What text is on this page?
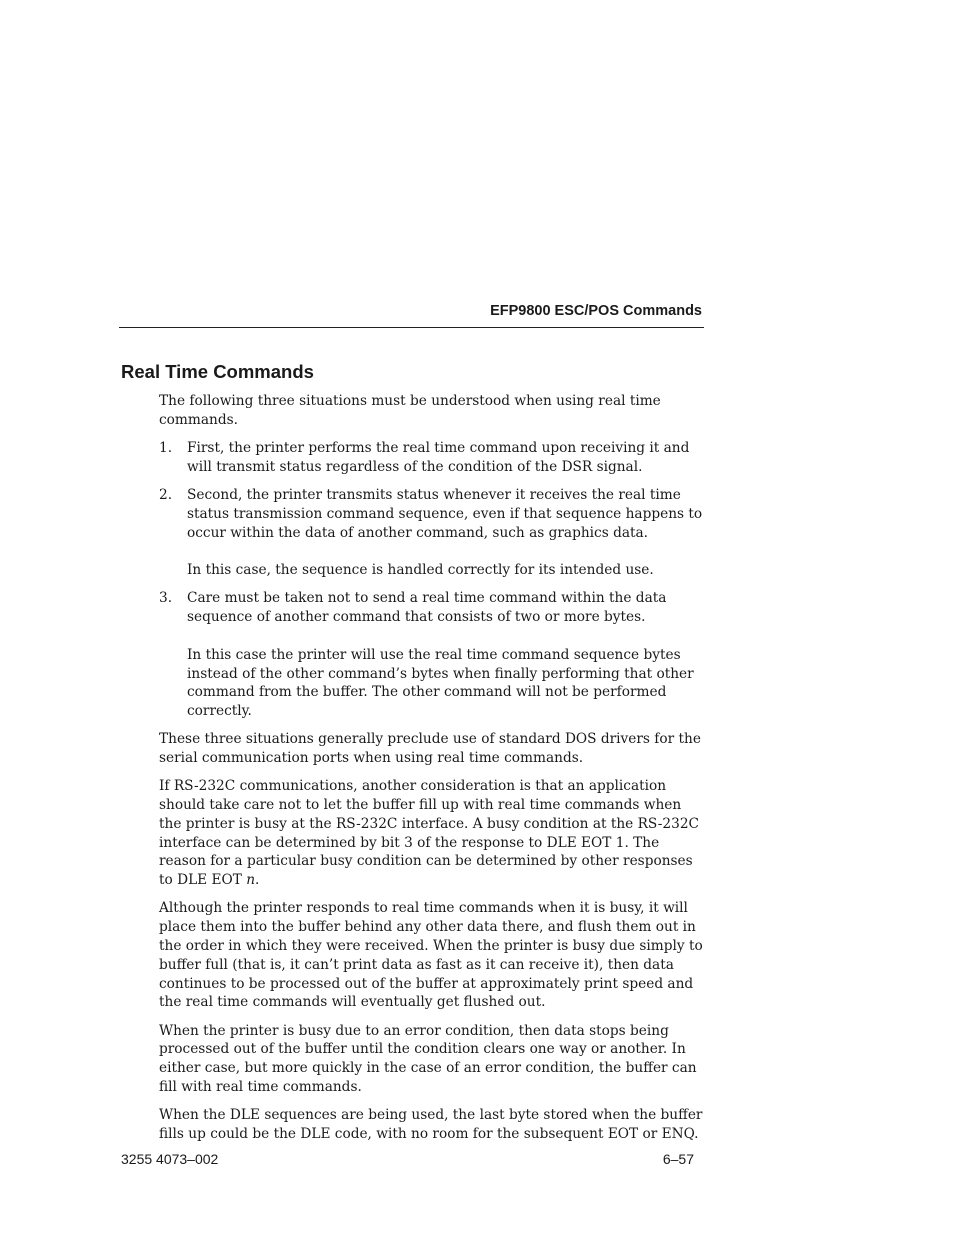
EFP9800 ESC/POS Commands
Real Time Commands

The following three situations must be understood when using real time commands.

1. First, the printer performs the real time command upon receiving it and will transmit status regardless of the condition of the DSR signal.

2. Second, the printer transmits status whenever it receives the real time status transmission command sequence, even if that sequence happens to occur within the data of another command, such as graphics data.

In this case, the sequence is handled correctly for its intended use.

3. Care must be taken not to send a real time command within the data sequence of another command that consists of two or more bytes.

In this case the printer will use the real time command sequence bytes instead of the other command’s bytes when finally performing that other command from the buffer. The other command will not be performed correctly.

These three situations generally preclude use of standard DOS drivers for the serial communication ports when using real time commands.

If RS-232C communications, another consideration is that an application should take care not to let the buffer fill up with real time commands when the printer is busy at the RS-232C interface. A busy condition at the RS-232C interface can be determined by bit 3 of the response to DLE EOT 1. The reason for a particular busy condition can be determined by other responses to DLE EOT n.

Although the printer responds to real time commands when it is busy, it will place them into the buffer behind any other data there, and flush them out in the order in which they were received. When the printer is busy due simply to buffer full (that is, it can’t print data as fast as it can receive it), then data continues to be processed out of the buffer at approximately print speed and the real time commands will eventually get flushed out.

When the printer is busy due to an error condition, then data stops being processed out of the buffer until the condition clears one way or another. In either case, but more quickly in the case of an error condition, the buffer can fill with real time commands.

When the DLE sequences are being used, the last byte stored when the buffer fills up could be the DLE code, with no room for the subsequent EOT or ENQ.

3255 4073–002	6–57
